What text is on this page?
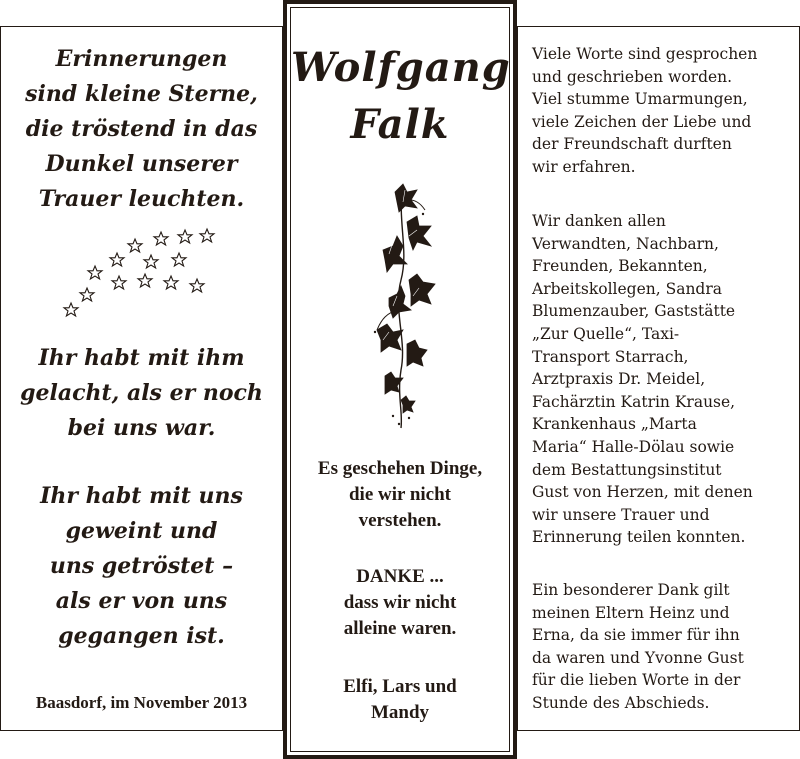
Erinnerungen

sind kleine Sterne,

die tröstend in das

Dunkel unserer

Trauer leuchten.

Ihr habt mit ihm

gelacht, als er noch

bei uns war.

Ihr habt mit uns

geweint und

uns getröstet –

als er von uns

gegangen ist.

Baasdorf, im November 2013

Wolfgang
Falk
Es geschehen Dinge,
die wir nicht
verstehen.
DANKE ...
dass wir nicht
alleine waren.
Elfi, Lars und
Mandy

Viele Worte sind gesprochen

und geschrieben worden.

Viel stumme Umarmungen,

viele Zeichen der Liebe und

der Freundschaft durften

wir erfahren.

Wir danken allen

Verwandten, Nachbarn,

Freunden, Bekannten,

Arbeitskollegen, Sandra

Blumenzauber, Gaststätte

„Zur Quelle“, Taxi-

Transport Starrach,

Arztpraxis Dr. Meidel,

Fachärztin Katrin Krause,

Krankenhaus „Marta

Maria“ Halle-Dölau sowie

dem Bestattungsinstitut

Gust von Herzen, mit denen

wir unsere Trauer und

Erinnerung teilen konnten.

Ein besonderer Dank gilt

meinen Eltern Heinz und

Erna, da sie immer für ihn

da waren und Yvonne Gust

für die lieben Worte in der

Stunde des Abschieds.
